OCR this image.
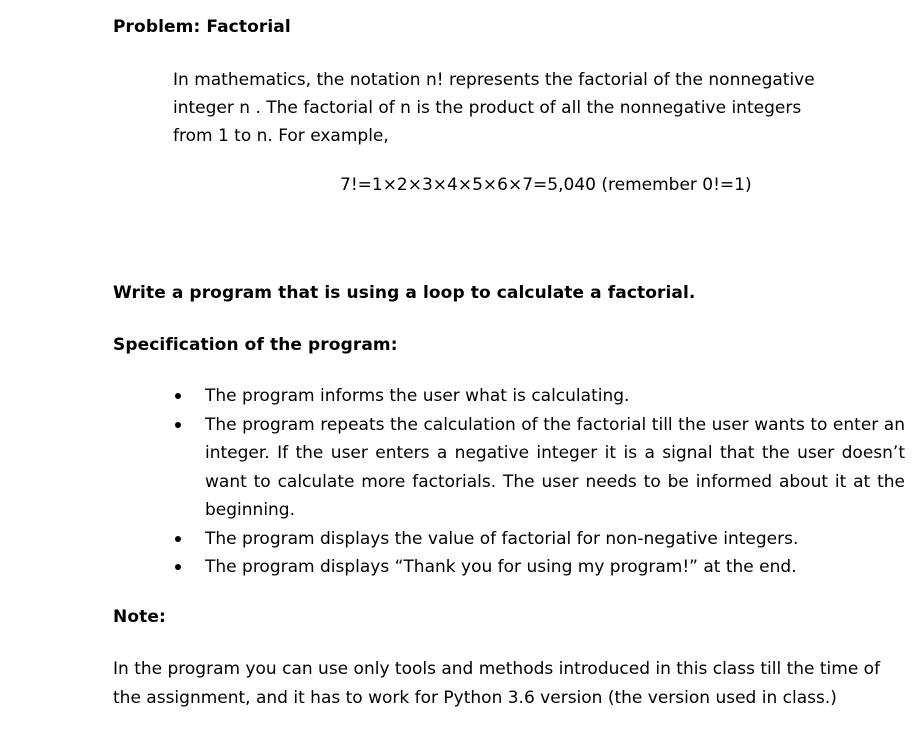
Problem: Factorial
In mathematics, the notation n! represents the factorial of the nonnegative
integer n . The factorial of n is the product of all the nonnegative integers
from 1 to n. For example,
7!=1×2×3×4×5×6×7=5,040 (remember 0!=1)
Write a program that is using a loop to calculate a factorial.
Specification of the program:
The program informs the user what is calculating.
The program repeats the calculation of the factorial till the user wants to enter an integer. If the user enters a negative integer it is a signal that the user doesn’t want to calculate more factorials. The user needs to be informed about it at the beginning.
The program displays the value of factorial for non-negative integers.
The program displays “Thank you for using my program!” at the end.
Note:
In the program you can use only tools and methods introduced in this class till the time of the assignment, and it has to work for Python 3.6 version (the version used in class.)
